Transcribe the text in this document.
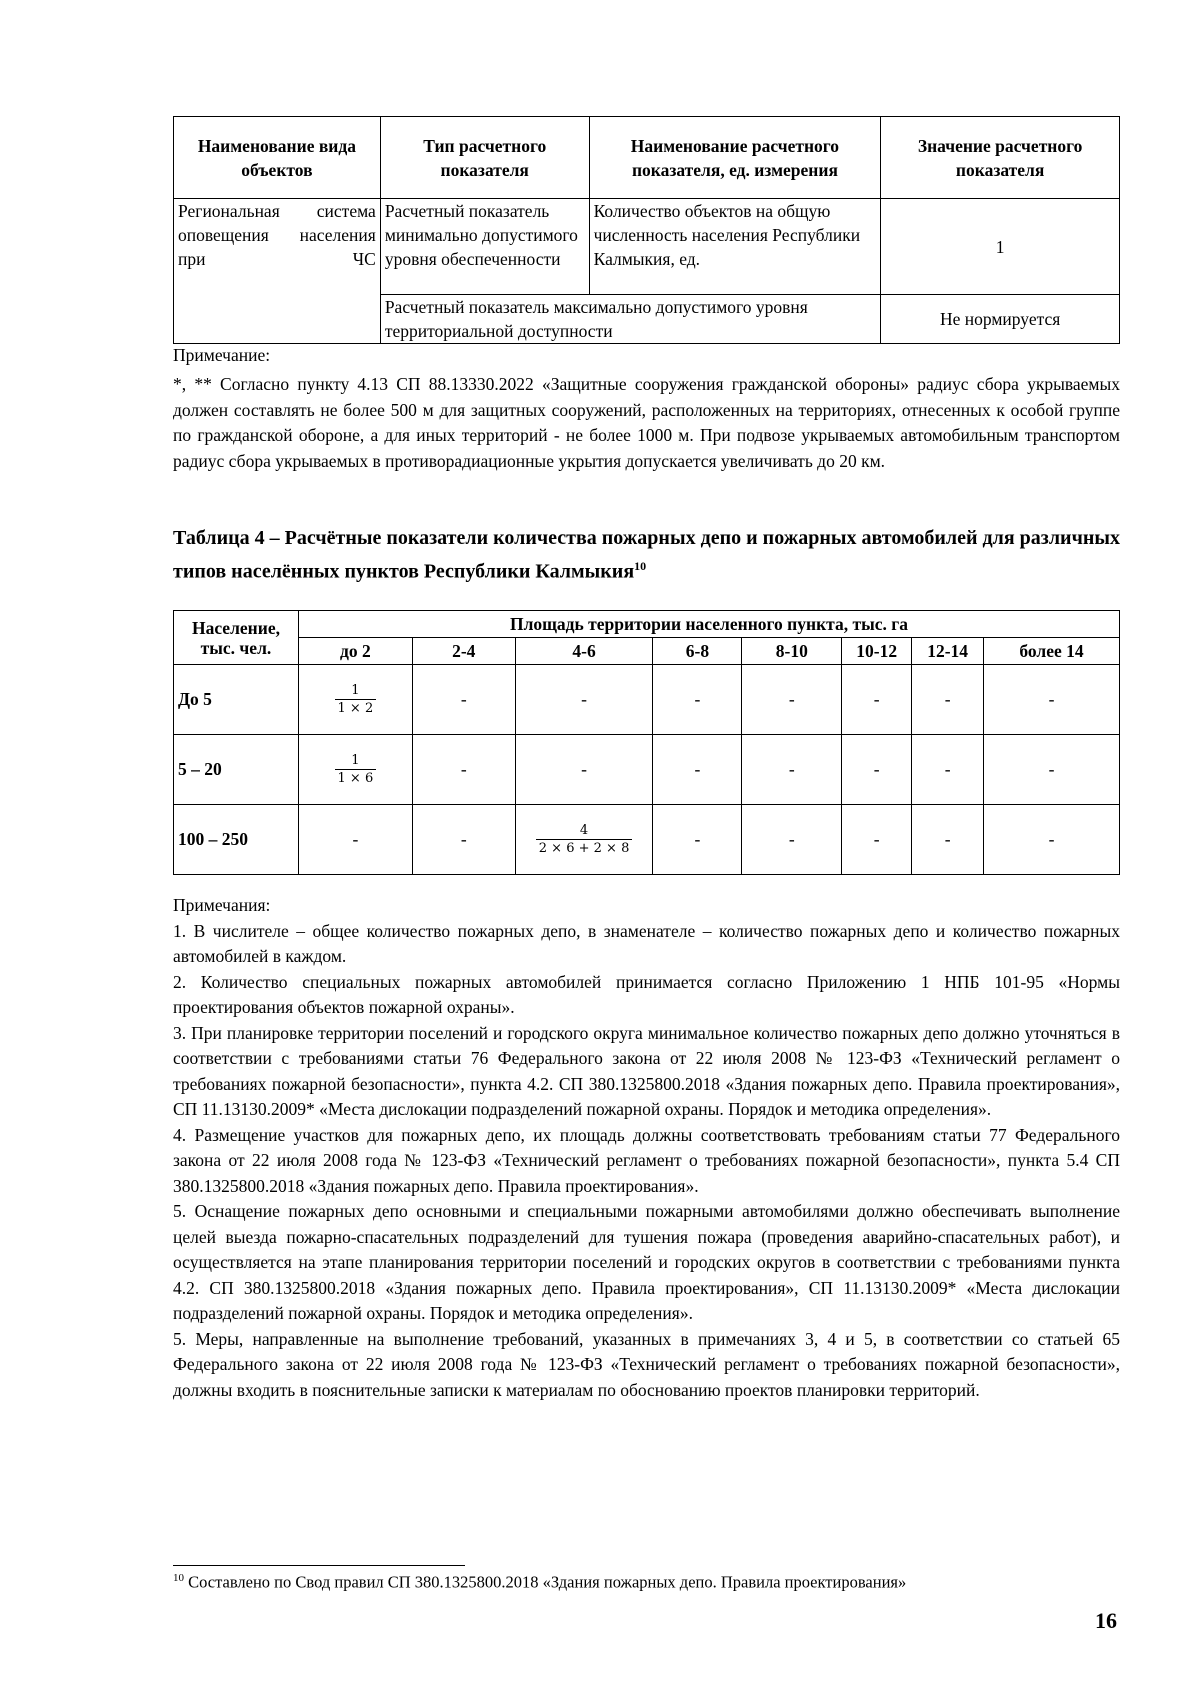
Наименование вида объектов	Тип расчетного показателя	Наименование расчетного показателя, ед. измерения	Значение расчетного показателя
Региональная система оповещения населения при ЧС	Расчетный показатель минимально допустимого уровня обеспеченности	Количество объектов на общую численность населения Республики Калмыкия, ед.	1
	Расчетный показатель максимально допустимого уровня территориальной доступности		Не нормируется
Примечание:
*, ** Согласно пункту 4.13 СП 88.13330.2022 «Защитные сооружения гражданской обороны» радиус сбора укрываемых должен составлять не более 500 м для защитных сооружений, расположенных на территориях, отнесенных к особой группе по гражданской обороне, а для иных территорий - не более 1000 м. При подвозе укрываемых автомобильным транспортом радиус сбора укрываемых в противорадиационные укрытия допускается увеличивать до 20 км.
Таблица 4 – Расчётные показатели количества пожарных депо и пожарных автомобилей для различных типов населённых пунктов Республики Калмыкия$^{10}$
Население, тыс. чел.	Площадь территории населенного пункта, тыс. га							
	до 2	2-4	4-6	6-8	8-10	10-12	12-14	более 14
До 5	$\frac{1}{1 \times 2}$	-	-	-	-	-	-	-
5 – 20	$\frac{1}{1 \times 6}$	-	-	-	-	-	-	-
100 – 250	-	-	$\frac{4}{2 \times 6 + 2 \times 8}$	-	-	-	-	-

Примечания:

1. В числителе – общее количество пожарных депо, в знаменателе – количество пожарных депо и количество пожарных автомобилей в каждом.

2. Количество специальных пожарных автомобилей принимается согласно Приложению 1 НПБ 101-95 «Нормы проектирования объектов пожарной охраны».

3. При планировке территории поселений и городского округа минимальное количество пожарных депо должно уточняться в соответствии с требованиями статьи 76 Федерального закона от 22 июля 2008 № 123-ФЗ «Технический регламент о требованиях пожарной безопасности», пункта 4.2. СП 380.1325800.2018 «Здания пожарных депо. Правила проектирования», СП 11.13130.2009* «Места дислокации подразделений пожарной охраны. Порядок и методика определения».

4. Размещение участков для пожарных депо, их площадь должны соответствовать требованиям статьи 77 Федерального закона от 22 июля 2008 года № 123-ФЗ «Технический регламент о требованиях пожарной безопасности», пункта 5.4 СП 380.1325800.2018 «Здания пожарных депо. Правила проектирования».

5. Оснащение пожарных депо основными и специальными пожарными автомобилями должно обеспечивать выполнение целей выезда пожарно-спасательных подразделений для тушения пожара (проведения аварийно-спасательных работ), и осуществляется на этапе планирования территории поселений и городских округов в соответствии с требованиями пункта 4.2. СП 380.1325800.2018 «Здания пожарных депо. Правила проектирования», СП 11.13130.2009* «Места дислокации подразделений пожарной охраны. Порядок и методика определения».

5. Меры, направленные на выполнение требований, указанных в примечаниях 3, 4 и 5, в соответствии со статьей 65 Федерального закона от 22 июля 2008 года № 123-ФЗ «Технический регламент о требованиях пожарной безопасности», должны входить в пояснительные записки к материалам по обоснованию проектов планировки территорий.

$^{10}$ Составлено по Свод правил СП 380.1325800.2018 «Здания пожарных депо. Правила проектирования»
16
